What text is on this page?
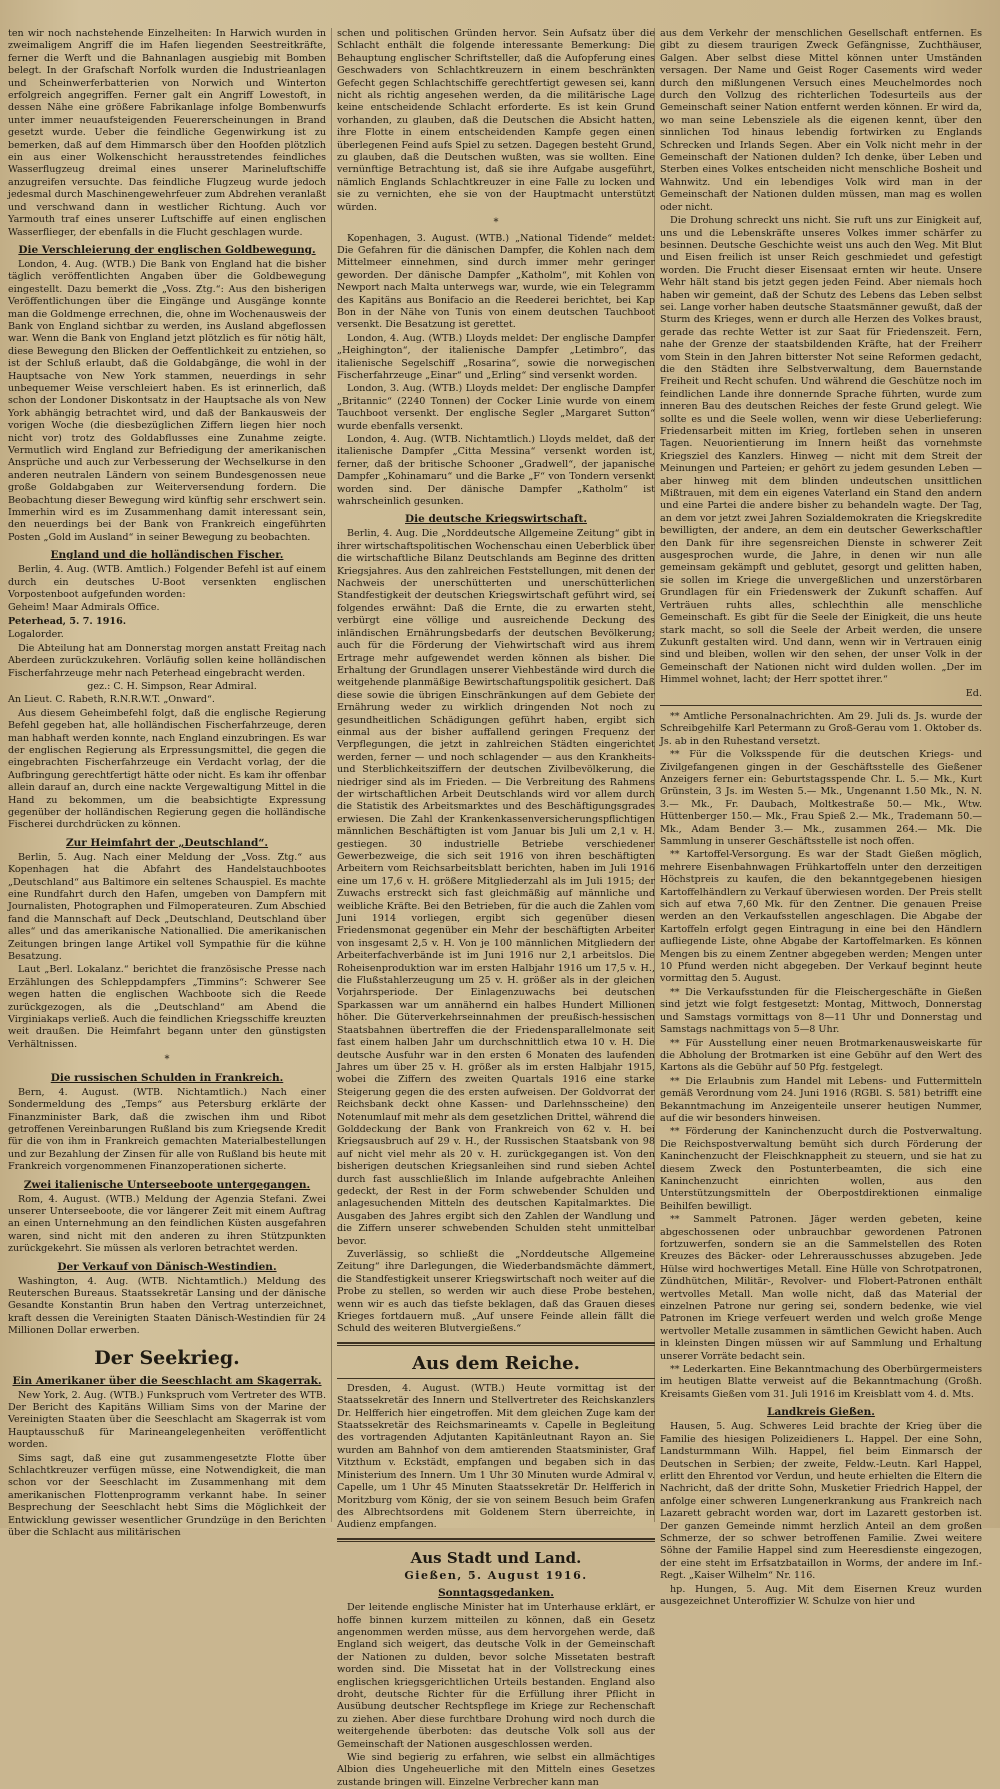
ten wir noch nachstehende Einzelheiten: In Harwich wurden in zweimaligem Angriff die im Hafen liegenden Seestreitkräfte, ferner die Werft und die Bahnanlagen ausgiebig mit Bomben belegt. In der Grafschaft Norfolk wurden die Industrieanlagen und Scheinwerferbatterien von Norwich und Winterton erfolgreich angegriffen. Ferner galt ein Angriff Lowestoft, in dessen Nähe eine größere Fabrikanlage infolge Bombenwurfs unter immer neuaufsteigenden Feuererscheinungen in Brand gesetzt wurde. Ueber die feindliche Gegenwirkung ist zu bemerken, daß auf dem Himmarsch über den Hoofden plötzlich ein aus einer Wolkenschicht herausstretendes feindliches Wasserflugzeug dreimal eines unserer Marineluftschiffe anzugreifen versuchte. Das feindliche Flugzeug wurde jedoch jedesmal durch Maschinengewehrfeuer zum Abdrehen veranlaßt und verschwand dann in westlicher Richtung. Auch vor Yarmouth traf eines unserer Luftschiffe auf einen englischen Wasserflieger, der ebenfalls in die Flucht geschlagen wurde.

Die Verschleierung der englischen Goldbewegung.

London, 4. Aug. (WTB.) Die Bank von England hat die bisher täglich veröffentlichten Angaben über die Goldbewegung eingestellt. Dazu bemerkt die „Voss. Ztg.“: Aus den bisherigen Veröffentlichungen über die Eingänge und Ausgänge konnte man die Goldmenge errechnen, die, ohne im Wochenausweis der Bank von England sichtbar zu werden, ins Ausland abgeflossen war. Wenn die Bank von England jetzt plötzlich es für nötig hält, diese Bewegung den Blicken der Oeffentlichkeit zu entziehen, so ist der Schluß erlaubt, daß die Goldabgänge, die wohl in der Hauptsache von New York stammen, neuerdings in sehr unbequemer Weise verschleiert haben. Es ist erinnerlich, daß schon der Londoner Diskontsatz in der Hauptsache als von New York abhängig betrachtet wird, und daß der Bankausweis der vorigen Woche (die diesbezüglichen Ziffern liegen hier noch nicht vor) trotz des Goldabflusses eine Zunahme zeigte. Vermutlich wird England zur Befriedigung der amerikanischen Ansprüche und auch zur Verbesserung der Wechselkurse in den anderen neutralen Ländern von seinem Bundesgenossen neue große Goldabgaben zur Weiterversendung fordern. Die Beobachtung dieser Bewegung wird künftig sehr erschwert sein. Immerhin wird es im Zusammenhang damit interessant sein, den neuerdings bei der Bank von Frankreich eingeführten Posten „Gold im Ausland“ in seiner Bewegung zu beobachten.

England und die holländischen Fischer.

Berlin, 4. Aug. (WTB. Amtlich.) Folgender Befehl ist auf einem durch ein deutsches U-Boot versenkten englischen Vorpostenboot aufgefunden worden:

Geheim! Maar Admirals Office.

Peterhead, 5. 7. 1916.

Logalorder.

Die Abteilung hat am Donnerstag morgen anstatt Freitag nach Aberdeen zurückzukehren. Vorläufig sollen keine holländischen Fischerfahrzeuge mehr nach Peterhead eingebracht werden.

gez.: C. H. Simpson, Rear Admiral.

An Lieut. C. Rabeth, R.N.R.W.T. „Onward“.

Aus diesem Geheimbefehl folgt, daß die englische Regierung Befehl gegeben hat, alle holländischen Fischerfahrzeuge, deren man habhaft werden konnte, nach England einzubringen. Es war der englischen Regierung als Erpressungsmittel, die gegen die eingebrachten Fischerfahrzeuge ein Verdacht vorlag, der die Aufbringung gerechtfertigt hätte oder nicht. Es kam ihr offenbar allein darauf an, durch eine nackte Vergewaltigung Mittel in die Hand zu bekommen, um die beabsichtigte Expressung gegenüber der holländischen Regierung gegen die holländische Fischerei durchdrücken zu können.

Zur Heimfahrt der „Deutschland“.

Berlin, 5. Aug. Nach einer Meldung der „Voss. Ztg.“ aus Kopenhagen hat die Abfahrt des Handelstauchbootes „Deutschland“ aus Baltimore ein seltenes Schauspiel. Es machte eine Rundfahrt durch den Hafen, umgeben von Dampfern mit Journalisten, Photographen und Filmoperateuren. Zum Abschied fand die Mannschaft auf Deck „Deutschland, Deutschland über alles“ und das amerikanische Nationallied. Die amerikanischen Zeitungen bringen lange Artikel voll Sympathie für die kühne Besatzung.

Laut „Berl. Lokalanz.“ berichtet die französische Presse nach Erzählungen des Schleppdampfers „Timmins“: Schwerer See wegen hatten die englischen Wachboote sich die Reede zurückgezogen, als die „Deutschland“ am Abend die Virginiakaps verließ. Auch die feindlichen Kriegsschiffe kreuzten weit draußen. Die Heimfahrt begann unter den günstigsten Verhältnissen.

*
Die russischen Schulden in Frankreich.

Bern, 4. August. (WTB. Nichtamtlich.) Nach einer Sondermeldung des „Temps“ aus Petersburg erklärte der Finanzminister Bark, daß die zwischen ihm und Ribot getroffenen Vereinbarungen Rußland bis zum Kriegsende Kredit für die von ihm in Frankreich gemachten Materialbestellungen und zur Bezahlung der Zinsen für alle von Rußland bis heute mit Frankreich vorgenommenen Finanzoperationen sicherte.

Zwei italienische Unterseeboote untergegangen.

Rom, 4. August. (WTB.) Meldung der Agenzia Stefani. Zwei unserer Unterseeboote, die vor längerer Zeit mit einem Auftrag an einen Unternehmung an den feindlichen Küsten ausgefahren waren, sind nicht mit den anderen zu ihren Stützpunkten zurückgekehrt. Sie müssen als verloren betrachtet werden.

Der Verkauf von Dänisch-Westindien.

Washington, 4. Aug. (WTB. Nichtamtlich.) Meldung des Reuterschen Bureaus. Staatssekretär Lansing und der dänische Gesandte Konstantin Brun haben den Vertrag unterzeichnet, kraft dessen die Vereinigten Staaten Dänisch-Westindien für 24 Millionen Dollar erwerben.

Der Seekrieg.
Ein Amerikaner über die Seeschlacht am Skagerrak.

New York, 2. Aug. (WTB.) Funkspruch vom Vertreter des WTB. Der Bericht des Kapitäns William Sims von der Marine der Vereinigten Staaten über die Seeschlacht am Skagerrak ist vom Hauptausschuß für Marineangelegenheiten veröffentlicht worden.

Sims sagt, daß eine gut zusammengesetzte Flotte über Schlachtkreuzer verfügen müsse, eine Notwendigkeit, die man schon vor der Seeschlacht im Zusammenhang mit dem amerikanischen Flottenprogramm verkannt habe. In seiner Besprechung der Seeschlacht hebt Sims die Möglichkeit der Entwicklung gewisser wesentlicher Grundzüge in den Berichten über die Schlacht aus militärischen

schen und politischen Gründen hervor. Sein Aufsatz über die Schlacht enthält die folgende interessante Bemerkung: Die Behauptung englischer Schriftsteller, daß die Aufopferung eines Geschwaders von Schlachtkreuzern in einem beschränkten Gefecht gegen Schlachtschiffe gerechtfertigt gewesen sei, kann nicht als richtig angesehen werden, da die militärische Lage keine entscheidende Schlacht erforderte. Es ist kein Grund vorhanden, zu glauben, daß die Deutschen die Absicht hatten, ihre Flotte in einem entscheidenden Kampfe gegen einen überlegenen Feind aufs Spiel zu setzen. Dagegen besteht Grund, zu glauben, daß die Deutschen wußten, was sie wollten. Eine vernünftige Betrachtung ist, daß sie ihre Aufgabe ausgeführt, nämlich Englands Schlachtkreuzer in eine Falle zu locken und sie zu vernichten, ehe sie von der Hauptmacht unterstützt würden.

*

Kopenhagen, 3. August. (WTB.) „National Tidende“ meldet: Die Gefahren für die dänischen Dampfer, die Kohlen nach dem Mittelmeer einnehmen, sind durch immer mehr geringer geworden. Der dänische Dampfer „Katholm“, mit Kohlen von Newport nach Malta unterwegs war, wurde, wie ein Telegramm des Kapitäns aus Bonifacio an die Reederei berichtet, bei Kap Bon in der Nähe von Tunis von einem deutschen Tauchboot versenkt. Die Besatzung ist gerettet.

London, 4. Aug. (WTB.) Lloyds meldet: Der englische Dampfer „Heighington“, der italienische Dampfer „Letimbro“, das italienische Segelschiff „Rosarina“, sowie die norwegischen Fischerfahrzeuge „Einar“ und „Erling“ sind versenkt worden.

London, 3. Aug. (WTB.) Lloyds meldet: Der englische Dampfer „Britannic“ (2240 Tonnen) der Cocker Linie wurde von einem Tauchboot versenkt. Der englische Segler „Margaret Sutton“ wurde ebenfalls versenkt.

London, 4. Aug. (WTB. Nichtamtlich.) Lloyds meldet, daß der italienische Dampfer „Citta Messina“ versenkt worden ist, ferner, daß der britische Schooner „Gradwell“, der japanische Dampfer „Kohinamaru“ und die Barke „F“ von Tondern versenkt worden sind. Der dänische Dampfer „Katholm“ ist wahrscheinlich gesunken.

Die deutsche Kriegswirtschaft.

Berlin, 4. Aug. Die „Norddeutsche Allgemeine Zeitung“ gibt in ihrer wirtschaftspolitischen Wochenschau einen Ueberblick über die wirtschaftliche Bilanz Deutschlands am Beginne des dritten Kriegsjahres. Aus den zahlreichen Feststellungen, mit denen der Nachweis der unerschütterten und unerschütterlichen Standfestigkeit der deutschen Kriegswirtschaft geführt wird, sei folgendes erwähnt: Daß die Ernte, die zu erwarten steht, verbürgt eine völlige und ausreichende Deckung des inländischen Ernährungsbedarfs der deutschen Bevölkerung; auch für die Förderung der Viehwirtschaft wird aus ihrem Ertrage mehr aufgewendet werden können als bisher. Die Erhaltung der Grundlagen unserer Viehbestände wird durch die weitgehende planmäßige Bewirtschaftungspolitik gesichert. Daß diese sowie die übrigen Einschränkungen auf dem Gebiete der Ernährung weder zu wirklich dringenden Not noch zu gesundheitlichen Schädigungen geführt haben, ergibt sich einmal aus der bisher auffallend geringen Frequenz der Verpflegungen, die jetzt in zahlreichen Städten eingerichtet werden, ferner — und noch schlagender — aus den Krankheits- und Sterblichkeitsziffern der deutschen Zivilbevölkerung, die niedriger sind als im Frieden. — Die Verbreitung des Rahmens der wirtschaftlichen Arbeit Deutschlands wird vor allem durch die Statistik des Arbeitsmarktes und des Beschäftigungsgrades erwiesen. Die Zahl der Krankenkassenversicherungspflichtigen männlichen Beschäftigten ist vom Januar bis Juli um 2,1 v. H. gestiegen. 30 industrielle Betriebe verschiedener Gewerbezweige, die sich seit 1916 von ihren beschäftigten Arbeitern vom Reichsarbeitsblatt berichten, haben im Juli 1916 eine um 17,6 v. H. größere Mitgliederzahl als im Juli 1915; der Zuwachs erstreckt sich fast gleichmäßig auf männliche und weibliche Kräfte. Bei den Betrieben, für die auch die Zahlen vom Juni 1914 vorliegen, ergibt sich gegenüber diesen Friedensmonat gegenüber ein Mehr der beschäftigten Arbeiter von insgesamt 2,5 v. H. Von je 100 männlichen Mitgliedern der Arbeiterfachverbände ist im Juni 1916 nur 2,1 arbeitslos. Die Roheisenproduktion war im ersten Halbjahr 1916 um 17,5 v. H., die Flußstahlerzeugung um 25 v. H. größer als in der gleichen Vorjahrsperiode. Der Einlagenzuwachs bei deutschen Sparkassen war um annähernd ein halbes Hundert Millionen höher. Die Güterverkehrseinnahmen der preußisch-hessischen Staatsbahnen übertreffen die der Friedensparallelmonate seit fast einem halben Jahr um durchschnittlich etwa 10 v. H. Die deutsche Ausfuhr war in den ersten 6 Monaten des laufenden Jahres um über 25 v. H. größer als im ersten Halbjahr 1915, wobei die Ziffern des zweiten Quartals 1916 eine starke Steigerung gegen die des ersten aufweisen. Der Goldvorrat der Reichsbank deckt ohne Kassen- und Darlehnsscheine) den Notenumlauf mit mehr als dem gesetzlichen Drittel, während die Golddeckung der Bank von Frankreich von 62 v. H. bei Kriegsausbruch auf 29 v. H., der Russischen Staatsbank von 98 auf nicht viel mehr als 20 v. H. zurückgegangen ist. Von den bisherigen deutschen Kriegsanleihen sind rund sieben Achtel durch fast ausschließlich im Inlande aufgebrachte Anleihen gedeckt, der Rest in der Form schwebender Schulden und anlagesuchenden Mitteln des deutschen Kapitalmarktes. Die Ausgaben des Jahres ergibt sich den Zahlen der Wandlung und die Ziffern unserer schwebenden Schulden steht unmittelbar bevor.

Zuverlässig, so schließt die „Norddeutsche Allgemeine Zeitung“ ihre Darlegungen, die Wiederbandsmächte dämmert, die Standfestigkeit unserer Kriegswirtschaft noch weiter auf die Probe zu stellen, so werden wir auch diese Probe bestehen, wenn wir es auch das tiefste beklagen, daß das Grauen dieses Krieges fortdauern muß. „Auf unsere Feinde allein fällt die Schuld des weiteren Blutvergießens.“

Aus dem Reiche.

Dresden, 4. August. (WTB.) Heute vormittag ist der Staatssekretär des Innern und Stellvertreter des Reichskanzlers Dr. Helfferich hier eingetroffen. Mit dem gleichen Zuge kam der Staatssekretär des Reichsmarineamts v. Capelle in Begleitung des vortragenden Adjutanten Kapitänleutnant Rayon an. Sie wurden am Bahnhof von dem amtierenden Staatsminister, Graf Vitzthum v. Eckstädt, empfangen und begaben sich in das Ministerium des Innern. Um 1 Uhr 30 Minuten wurde Admiral v. Capelle, um 1 Uhr 45 Minuten Staatssekretär Dr. Helfferich in Moritzburg vom König, der sie von seinem Besuch beim Grafen des Albrechtsordens mit Goldenem Stern überreichte, in Audienz empfangen.

Aus Stadt und Land.
Gießen, 5. August 1916.
Sonntagsgedanken.

Der leitende englische Minister hat im Unterhause erklärt, er hoffe binnen kurzem mitteilen zu können, daß ein Gesetz angenommen werden müsse, aus dem hervorgehen werde, daß England sich weigert, das deutsche Volk in der Gemeinschaft der Nationen zu dulden, bevor solche Missetaten bestraft worden sind. Die Missetat hat in der Vollstreckung eines englischen kriegsgerichtlichen Urteils bestanden. England also droht, deutsche Richter für die Erfüllung ihrer Pflicht in Ausübung deutscher Rechtspflege im Kriege zur Rechenschaft zu ziehen. Aber diese furchtbare Drohung wird noch durch die weitergehende überboten: das deutsche Volk soll aus der Gemeinschaft der Nationen ausgeschlossen werden.

Wie sind begierig zu erfahren, wie selbst ein allmächtiges Albion dies Ungeheuerliche mit den Mitteln eines Gesetzes zustande bringen will. Einzelne Verbrecher kann man

aus dem Verkehr der menschlichen Gesellschaft entfernen. Es gibt zu diesem traurigen Zweck Gefängnisse, Zuchthäuser, Galgen. Aber selbst diese Mittel können unter Umständen versagen. Der Name und Geist Roger Casements wird weder durch den mißlungenen Versuch eines Meuchelmordes noch durch den Vollzug des richterlichen Todesurteils aus der Gemeinschaft seiner Nation entfernt werden können. Er wird da, wo man seine Lebensziele als die eigenen kennt, über den sinnlichen Tod hinaus lebendig fortwirken zu Englands Schrecken und Irlands Segen. Aber ein Volk nicht mehr in der Gemeinschaft der Nationen dulden? Ich denke, über Leben und Sterben eines Volkes entscheiden nicht menschliche Bosheit und Wahnwitz. Und ein lebendiges Volk wird man in der Gemeinschaft der Nationen dulden müssen, man mag es wollen oder nicht.

Die Drohung schreckt uns nicht. Sie ruft uns zur Einigkeit auf, uns und die Lebenskräfte unseres Volkes immer schärfer zu besinnen. Deutsche Geschichte weist uns auch den Weg. Mit Blut und Eisen freilich ist unser Reich geschmiedet und gefestigt worden. Die Frucht dieser Eisensaat ernten wir heute. Unsere Wehr hält stand bis jetzt gegen jeden Feind. Aber niemals hoch haben wir gemeint, daß der Schutz des Lebens das Leben selbst sei. Lange vorher haben deutsche Staatsmänner gewußt, daß der Sturm des Krieges, wenn er durch alle Herzen des Volkes braust, gerade das rechte Wetter ist zur Saat für Friedenszeit. Fern, nahe der Grenze der staatsbildenden Kräfte, hat der Freiherr vom Stein in den Jahren bitterster Not seine Reformen gedacht, die den Städten ihre Selbstverwaltung, dem Bauernstande Freiheit und Recht schufen. Und während die Geschütze noch im feindlichen Lande ihre donnernde Sprache führten, wurde zum inneren Bau des deutschen Reiches der feste Grund gelegt. Wie sollte es und die Seele wollen, wenn wir diese Ueberlieferung: Friedensarbeit mitten im Krieg, fortleben sehen in unseren Tagen. Neuorientierung im Innern heißt das vornehmste Kriegsziel des Kanzlers. Hinweg — nicht mit dem Streit der Meinungen und Parteien; er gehört zu jedem gesunden Leben — aber hinweg mit dem blinden undeutschen unsittlichen Mißtrauen, mit dem ein eigenes Vaterland ein Stand den andern und eine Partei die andere bisher zu behandeln wagte. Der Tag, an dem vor jetzt zwei Jahren Sozialdemokraten die Kriegskredite bewilligten, der andere, an dem ein deutscher Gewerkschaftler den Dank für ihre segensreichen Dienste in schwerer Zeit ausgesprochen wurde, die Jahre, in denen wir nun alle gemeinsam gekämpft und geblutet, gesorgt und gelitten haben, sie sollen im Kriege die unvergeßlichen und unzerstörbaren Grundlagen für ein Friedenswerk der Zukunft schaffen. Auf Verträuen ruhts alles, schlechthin alle menschliche Gemeinschaft. Es gibt für die Seele der Einigkeit, die uns heute stark macht, so soll die Seele der Arbeit werden, die unsere Zukunft gestalten wird. Und dann, wenn wir in Vertrauen einig sind und bleiben, wollen wir den sehen, der unser Volk in der Gemeinschaft der Nationen nicht wird dulden wollen. „Der im Himmel wohnet, lacht; der Herr spottet ihrer.“

Ed.

** Amtliche Personalnachrichten. Am 29. Juli ds. Js. wurde der Schreibgehilfe Karl Petermann zu Groß-Gerau vom 1. Oktober ds. Js. ab in den Ruhestand versetzt.

** Für die Volksspende für die deutschen Kriegs- und Zivilgefangenen gingen in der Geschäftsstelle des Gießener Anzeigers ferner ein: Geburtstagsspende Chr. L. 5.— Mk., Kurt Grünstein, 3 Js. im Westen 5.— Mk., Ungenannt 1.50 Mk., N. N. 3.— Mk., Fr. Daubach, Moltkestraße 50.— Mk., Wtw. Hüttenberger 150.— Mk., Frau Spieß 2.— Mk., Trademann 50.— Mk., Adam Bender 3.— Mk., zusammen 264.— Mk. Die Sammlung in unserer Geschäftsstelle ist noch offen.

** Kartoffel-Versorgung. Es war der Stadt Gießen möglich, mehrere Eisenbahnwagen Frühkartoffeln unter den derzeitigen Höchstpreis zu kaufen, die den bekanntgegebenen hiesigen Kartoffelhändlern zu Verkauf überwiesen worden. Der Preis stellt sich auf etwa 7,60 Mk. für den Zentner. Die genauen Preise werden an den Verkaufsstellen angeschlagen. Die Abgabe der Kartoffeln erfolgt gegen Eintragung in eine bei den Händlern aufliegende Liste, ohne Abgabe der Kartoffelmarken. Es können Mengen bis zu einem Zentner abgegeben werden; Mengen unter 10 Pfund werden nicht abgegeben. Der Verkauf beginnt heute vormittag den 5. August.

** Die Verkaufsstunden für die Fleischergeschäfte in Gießen sind jetzt wie folgt festgesetzt: Montag, Mittwoch, Donnerstag und Samstags vormittags von 8—11 Uhr und Donnerstag und Samstags nachmittags von 5—8 Uhr.

** Für Ausstellung einer neuen Brotmarkenausweiskarte für die Abholung der Brotmarken ist eine Gebühr auf den Wert des Kartons als die Gebühr auf 50 Pfg. festgelegt.

** Die Erlaubnis zum Handel mit Lebens- und Futtermitteln gemäß Verordnung vom 24. Juni 1916 (RGBl. S. 581) betrifft eine Bekanntmachung im Anzeigenteile unserer heutigen Nummer, auf die wir besonders hinweisen.

** Förderung der Kaninchenzucht durch die Postverwaltung. Die Reichspostverwaltung bemüht sich durch Förderung der Kaninchenzucht der Fleischknappheit zu steuern, und sie hat zu diesem Zweck den Postunterbeamten, die sich eine Kaninchenzucht einrichten wollen, aus den Unterstützungsmitteln der Oberpostdirektionen einmalige Beihilfen bewilligt.

** Sammelt Patronen. Jäger werden gebeten, keine abgeschossenen oder unbrauchbar gewordenen Patronen fortzuwerfen, sondern sie an die Sammelstellen des Roten Kreuzes des Bäcker- oder Lehrerausschusses abzugeben. Jede Hülse wird hochwertiges Metall. Eine Hülle von Schrotpatronen, Zündhütchen, Militär-, Revolver- und Flobert-Patronen enthält wertvolles Metall. Man wolle nicht, daß das Material der einzelnen Patrone nur gering sei, sondern bedenke, wie viel Patronen im Kriege verfeuert werden und welch große Menge wertvoller Metalle zusammen in sämtlichen Gewicht haben. Auch in kleinsten Dingen müssen wir auf Sammlung und Erhaltung unserer Vorräte bedacht sein.

** Lederkarten. Eine Bekanntmachung des Oberbürgermeisters im heutigen Blatte verweist auf die Bekanntmachung (Großh. Kreisamts Gießen vom 31. Juli 1916 im Kreisblatt vom 4. d. Mts.

Landkreis Gießen.

Hausen, 5. Aug. Schweres Leid brachte der Krieg über die Familie des hiesigen Polizeidieners L. Happel. Der eine Sohn, Landsturmmann Wilh. Happel, fiel beim Einmarsch der Deutschen in Serbien; der zweite, Feldw.-Leutn. Karl Happel, erlitt den Ehrentod vor Verdun, und heute erhielten die Eltern die Nachricht, daß der dritte Sohn, Musketier Friedrich Happel, der anfolge einer schweren Lungenerkrankung aus Frankreich nach Lazarett gebracht worden war, dort im Lazarett gestorben ist. Der ganzen Gemeinde nimmt herzlich Anteil an dem großen Schmerze, der so schwer betroffenen Familie. Zwei weitere Söhne der Familie Happel sind zum Heeresdienste eingezogen, der eine steht im Erfsatzbataillon in Worms, der andere im Inf.-Regt. „Kaiser Wilhelm“ Nr. 116.

hp. Hungen, 5. Aug. Mit dem Eisernen Kreuz wurden ausgezeichnet Unteroffizier W. Schulze von hier und
